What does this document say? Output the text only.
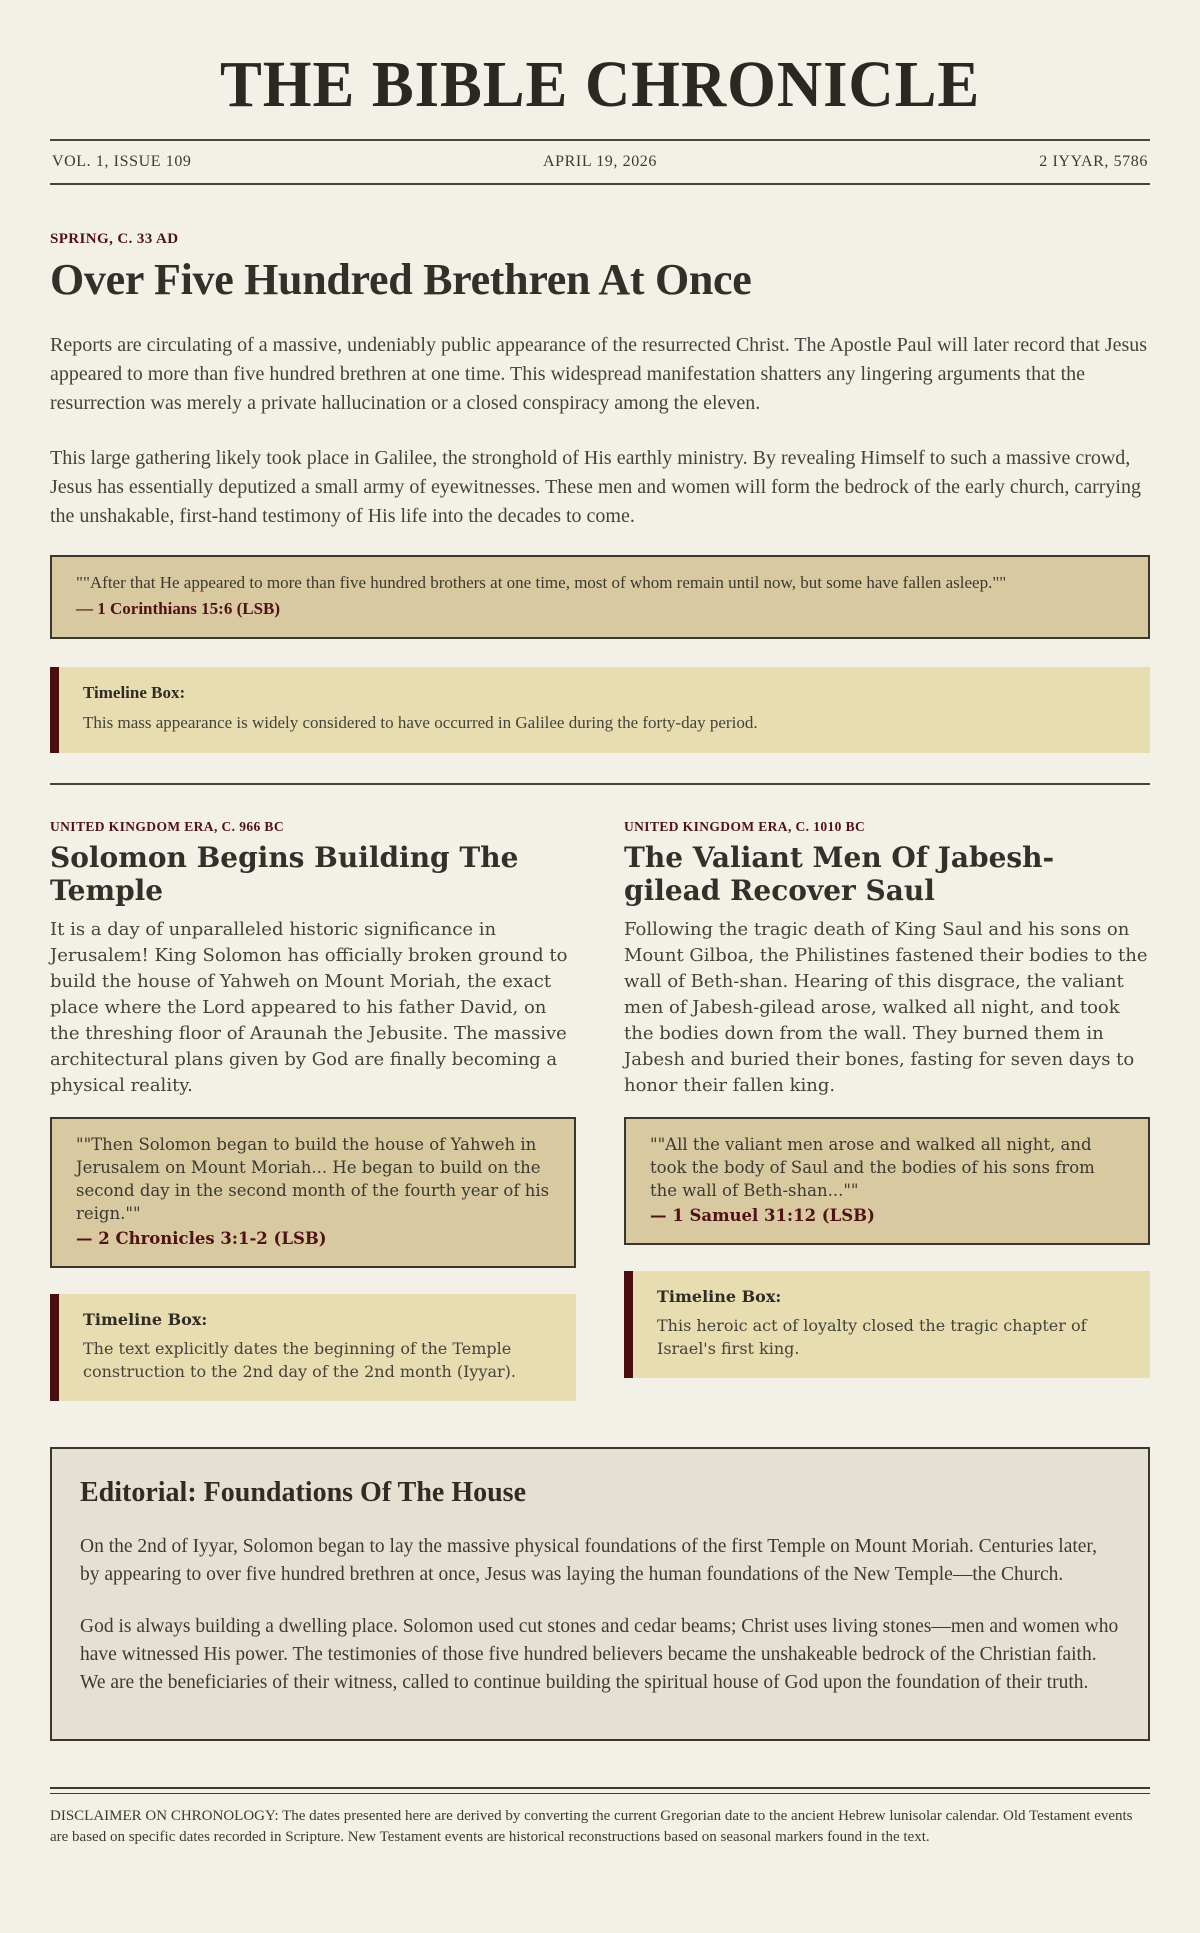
THE BIBLE CHRONICLE
VOL. 1, ISSUE 109	APRIL 19, 2026	2 IYYAR, 5786
SPRING, C. 33 AD
Over Five Hundred Brethren At Once

Reports are circulating of a massive, undeniably public appearance of the resurrected Christ. The Apostle Paul will later record that Jesus appeared to more than five hundred brethren at one time. This widespread manifestation shatters any lingering arguments that the resurrection was merely a private hallucination or a closed conspiracy among the eleven.

This large gathering likely took place in Galilee, the stronghold of His earthly ministry. By revealing Himself to such a massive crowd, Jesus has essentially deputized a small army of eyewitnesses. These men and women will form the bedrock of the early church, carrying the unshakable, first-hand testimony of His life into the decades to come.

""After that He appeared to more than five hundred brothers at one time, most of whom remain until now, but some have fallen asleep.""

— 1 Corinthians 15:6 (LSB)

Timeline Box:
This mass appearance is widely considered to have occurred in Galilee during the forty-day period.
UNITED KINGDOM ERA, C. 966 BC
Solomon Begins Building The Temple

It is a day of unparalleled historic significance in Jerusalem! King Solomon has officially broken ground to build the house of Yahweh on Mount Moriah, the exact place where the Lord appeared to his father David, on the threshing floor of Araunah the Jebusite. The massive architectural plans given by God are finally becoming a physical reality.

""Then Solomon began to build the house of Yahweh in Jerusalem on Mount Moriah... He began to build on the second day in the second month of the fourth year of his reign.""

— 2 Chronicles 3:1-2 (LSB)

Timeline Box:
The text explicitly dates the beginning of the Temple construction to the 2nd day of the 2nd month (Iyyar).
UNITED KINGDOM ERA, C. 1010 BC
The Valiant Men Of Jabesh-gilead Recover Saul

Following the tragic death of King Saul and his sons on Mount Gilboa, the Philistines fastened their bodies to the wall of Beth-shan. Hearing of this disgrace, the valiant men of Jabesh-gilead arose, walked all night, and took the bodies down from the wall. They burned them in Jabesh and buried their bones, fasting for seven days to honor their fallen king.

""All the valiant men arose and walked all night, and took the body of Saul and the bodies of his sons from the wall of Beth-shan...""

— 1 Samuel 31:12 (LSB)

Timeline Box:
This heroic act of loyalty closed the tragic chapter of Israel's first king.
Editorial: Foundations Of The House

On the 2nd of Iyyar, Solomon began to lay the massive physical foundations of the first Temple on Mount Moriah. Centuries later, by appearing to over five hundred brethren at once, Jesus was laying the human foundations of the New Temple—the Church.

God is always building a dwelling place. Solomon used cut stones and cedar beams; Christ uses living stones—men and women who have witnessed His power. The testimonies of those five hundred believers became the unshakeable bedrock of the Christian faith. We are the beneficiaries of their witness, called to continue building the spiritual house of God upon the foundation of their truth.

DISCLAIMER ON CHRONOLOGY: The dates presented here are derived by converting the current Gregorian date to the ancient Hebrew lunisolar calendar. Old Testament events are based on specific dates recorded in Scripture. New Testament events are historical reconstructions based on seasonal markers found in the text.
